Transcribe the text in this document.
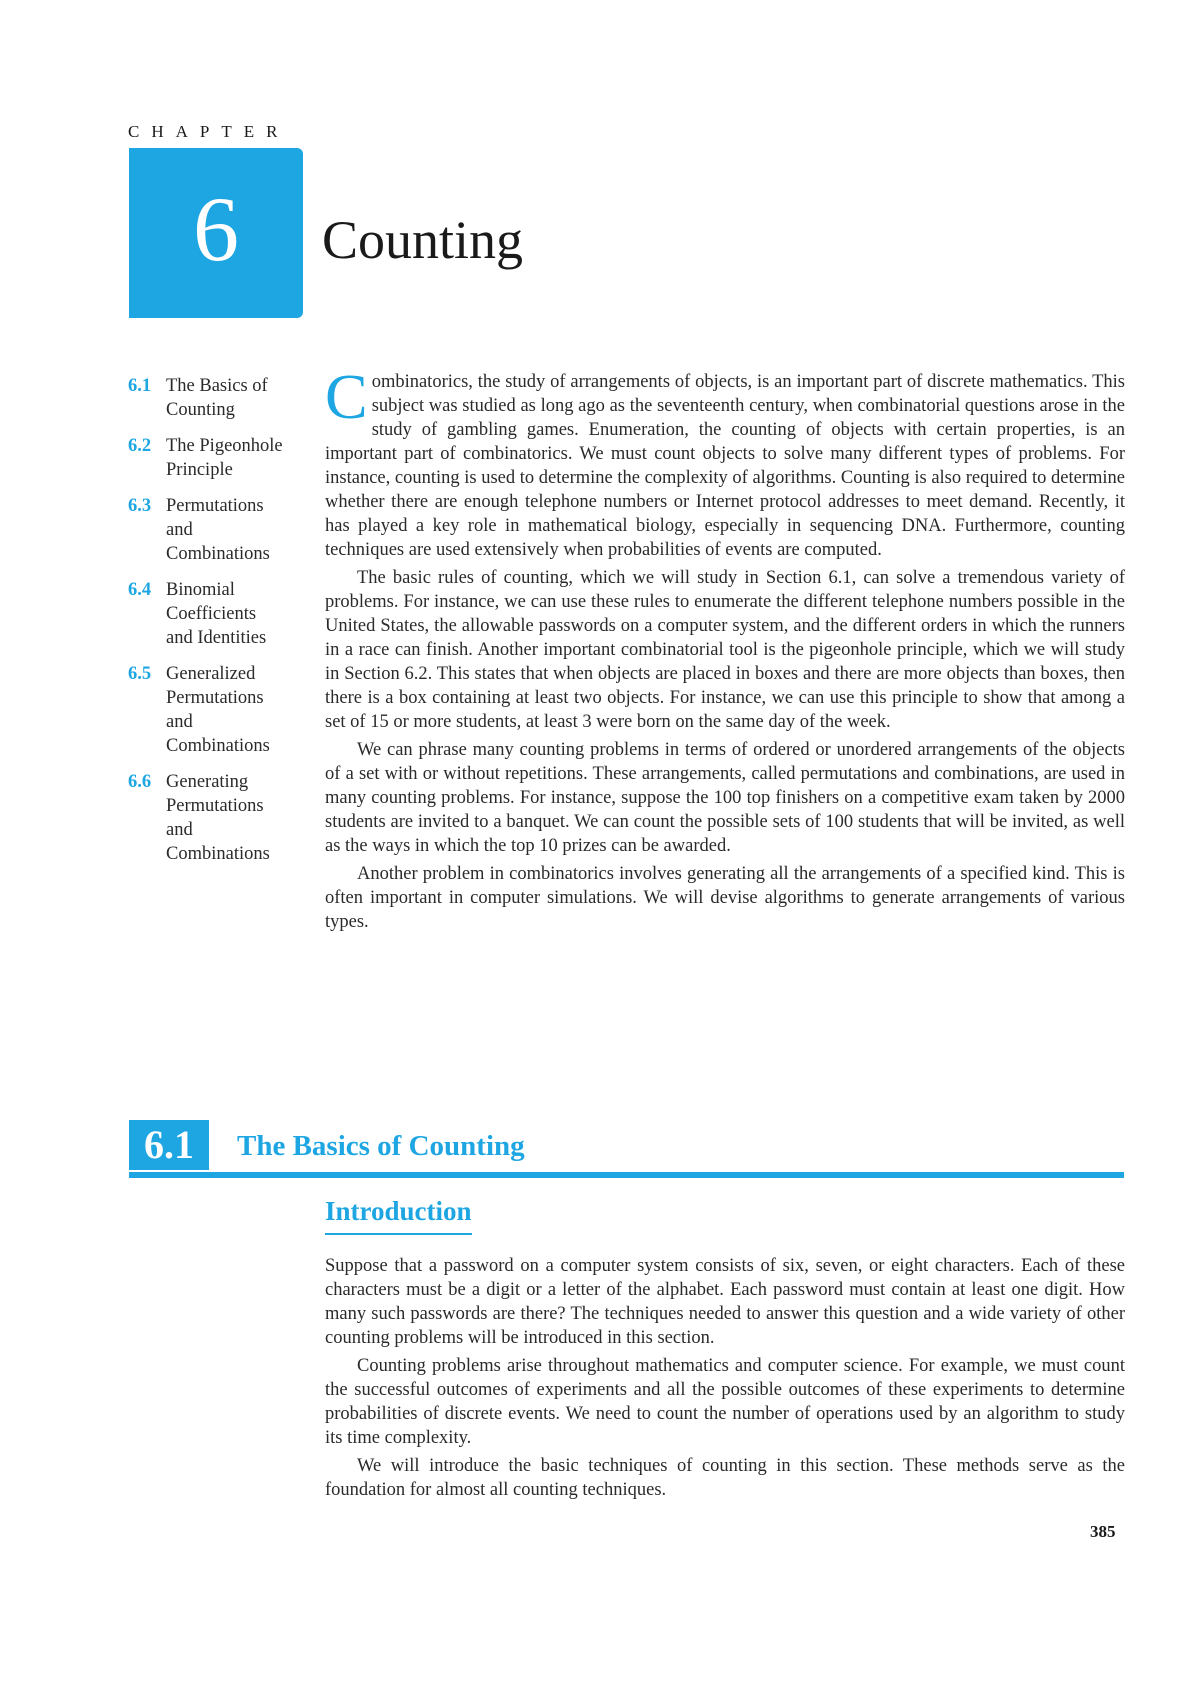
CHAPTER
6 Counting
6.1 The Basics of
Counting
6.2 The Pigeonhole
Principle
6.3 Permutations
and
Combinations
6.4 Binomial
Coefficients
and Identities
6.5 Generalized
Permutations
and
Combinations
6.6 Generating
Permutations
and
Combinations

Combinatorics, the study of arrangements of objects, is an important part of discrete mathematics. This subject was studied as long ago as the seventeenth century, when combinatorial questions arose in the study of gambling games. Enumeration, the counting of objects with certain properties, is an important part of combinatorics. We must count objects to solve many different types of problems. For instance, counting is used to determine the complexity of algorithms. Counting is also required to determine whether there are enough telephone numbers or Internet protocol addresses to meet demand. Recently, it has played a key role in mathematical biology, especially in sequencing DNA. Furthermore, counting techniques are used extensively when probabilities of events are computed.

The basic rules of counting, which we will study in Section 6.1, can solve a tremendous variety of problems. For instance, we can use these rules to enumerate the different telephone numbers possible in the United States, the allowable passwords on a computer system, and the different orders in which the runners in a race can finish. Another important combinatorial tool is the pigeonhole principle, which we will study in Section 6.2. This states that when objects are placed in boxes and there are more objects than boxes, then there is a box containing at least two objects. For instance, we can use this principle to show that among a set of 15 or more students, at least 3 were born on the same day of the week.

We can phrase many counting problems in terms of ordered or unordered arrangements of the objects of a set with or without repetitions. These arrangements, called permutations and combinations, are used in many counting problems. For instance, suppose the 100 top finishers on a competitive exam taken by 2000 students are invited to a banquet. We can count the possible sets of 100 students that will be invited, as well as the ways in which the top 10 prizes can be awarded.

Another problem in combinatorics involves generating all the arrangements of a specified kind. This is often important in computer simulations. We will devise algorithms to generate arrangements of various types.

6.1	The Basics of Counting
Introduction

Suppose that a password on a computer system consists of six, seven, or eight characters. Each of these characters must be a digit or a letter of the alphabet. Each password must contain at least one digit. How many such passwords are there? The techniques needed to answer this question and a wide variety of other counting problems will be introduced in this section.

Counting problems arise throughout mathematics and computer science. For example, we must count the successful outcomes of experiments and all the possible outcomes of these experiments to determine probabilities of discrete events. We need to count the number of operations used by an algorithm to study its time complexity.

We will introduce the basic techniques of counting in this section. These methods serve as the foundation for almost all counting techniques.

385
